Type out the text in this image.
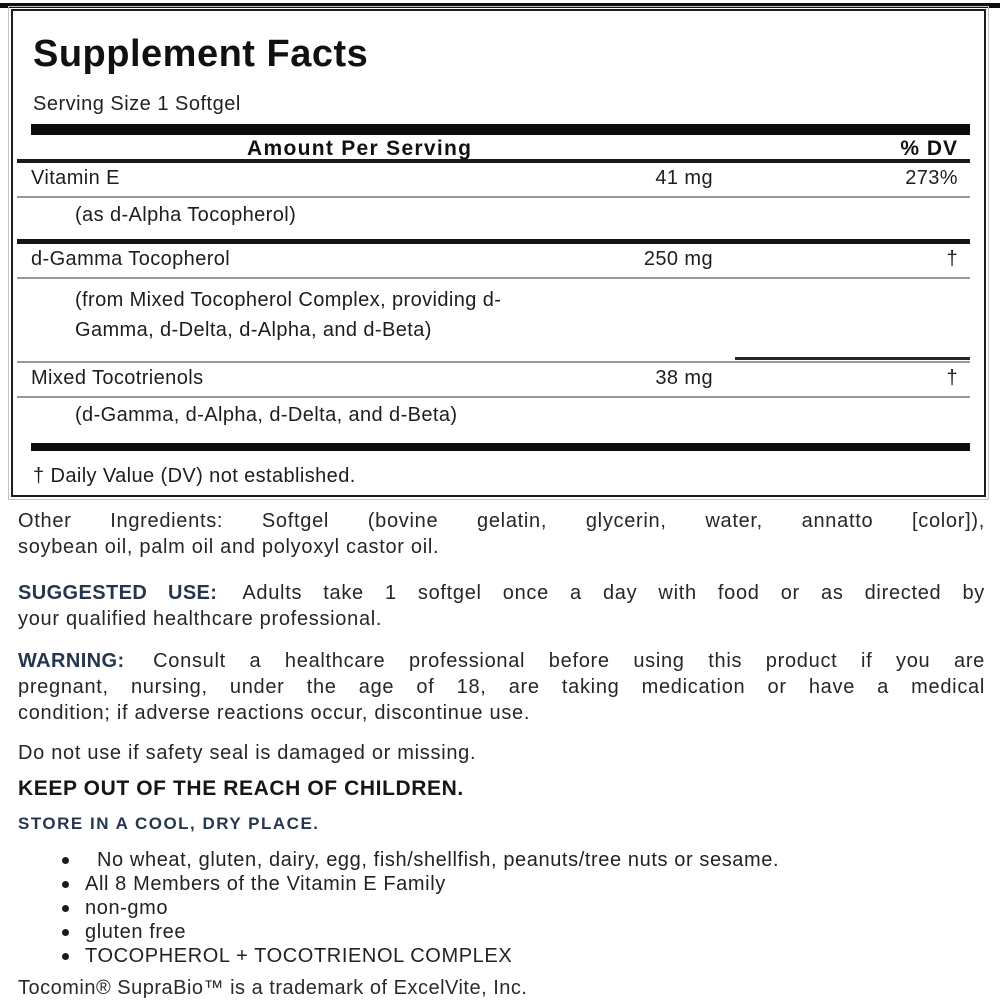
Supplement Facts
Serving Size 1 Softgel
Amount Per Serving	% DV
Vitamin E	41 mg	273%
(as d-Alpha Tocopherol)
d-Gamma Tocopherol	250 mg	†
(from Mixed Tocopherol Complex, providing d-
Gamma, d-Delta, d-Alpha, and d-Beta)
Mixed Tocotrienols	38 mg	†
(d-Gamma, d-Alpha, d-Delta, and d-Beta)
† Daily Value (DV) not established.

Other Ingredients: Softgel (bovine gelatin, glycerin, water, annatto [color]),
soybean oil, palm oil and polyoxyl castor oil.

SUGGESTED USE: Adults take 1 softgel once a day with food or as directed by
your qualified healthcare professional.

WARNING: Consult a healthcare professional before using this product if you are
pregnant, nursing, under the age of 18, are taking medication or have a medical
condition; if adverse reactions occur, discontinue use.

Do not use if safety seal is damaged or missing.

KEEP OUT OF THE REACH OF CHILDREN.

STORE IN A COOL, DRY PLACE.

No wheat, gluten, dairy, egg, fish/shellfish, peanuts/tree nuts or sesame.
All 8 Members of the Vitamin E Family
non-gmo
gluten free
TOCOPHEROL + TOCOTRIENOL COMPLEX

Tocomin® SupraBio™ is a trademark of ExcelVite, Inc.
